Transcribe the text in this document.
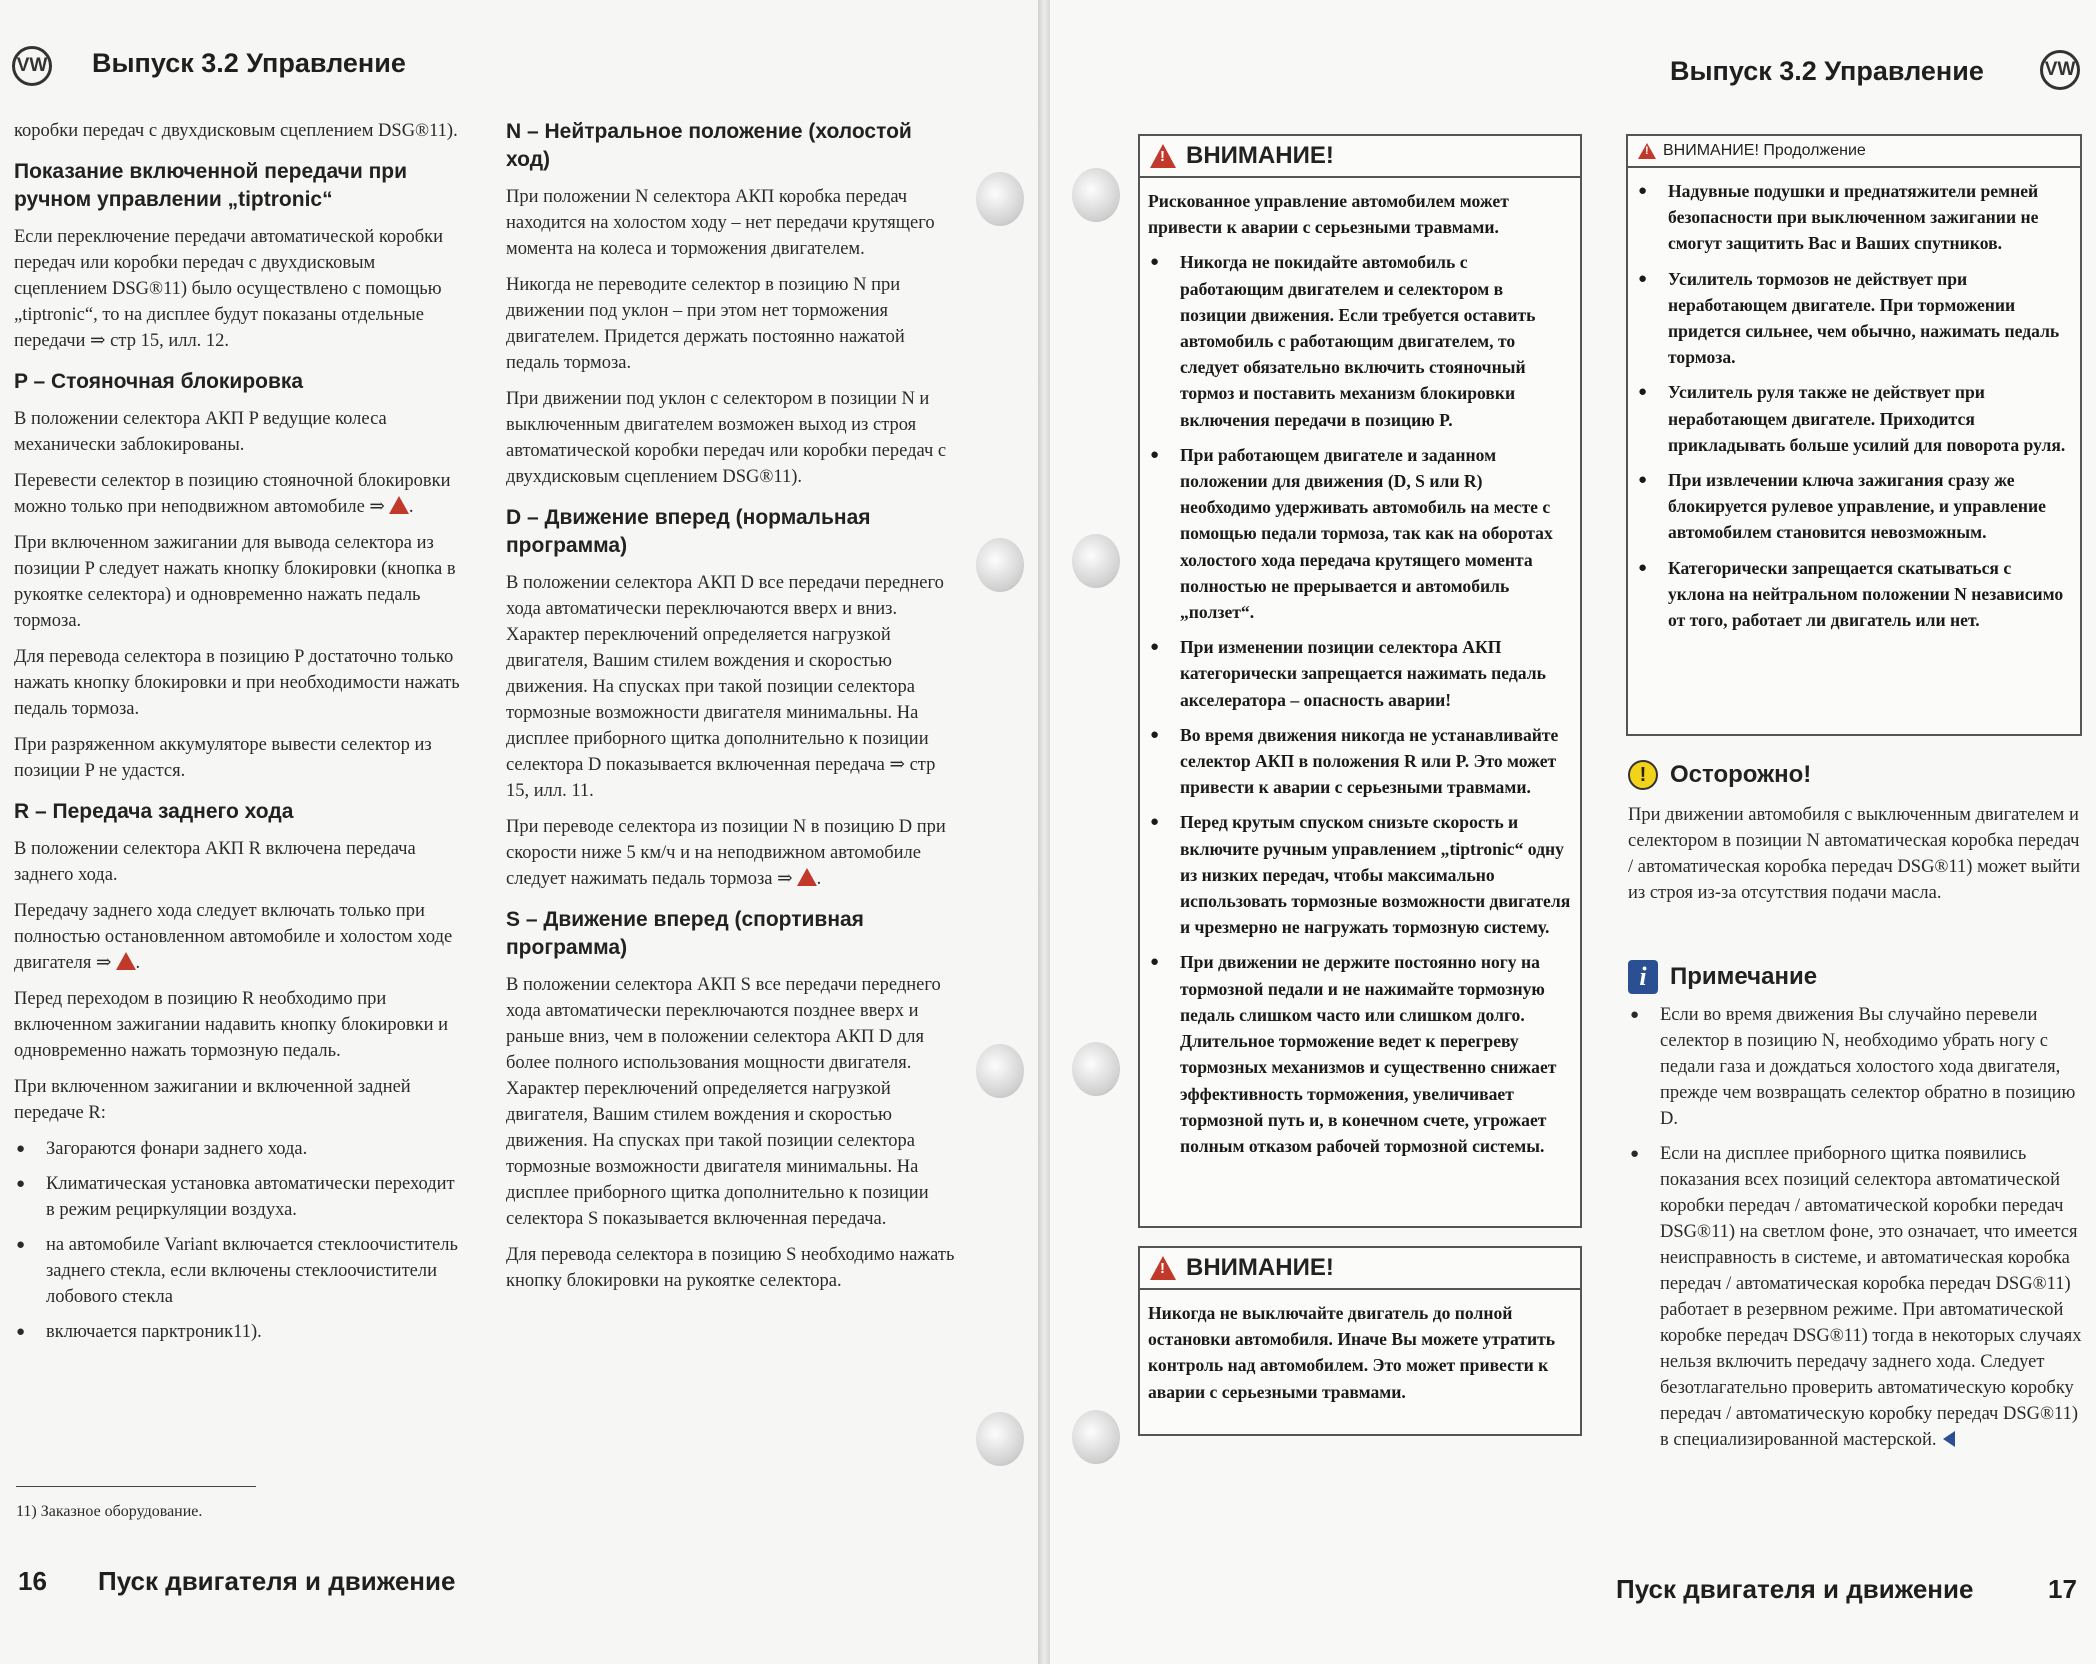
VW Выпуск 3.2 Управление

коробки передач с двухдисковым сцеплением DSG®11).

Показание включенной передачи при ручном управлении „tiptronic“

Если переключение передачи автоматической коробки передач или коробки передач с двухдисковым сцеплением DSG®11) было осуществлено с помощью „tiptronic“, то на дисплее будут показаны отдельные передачи ⇒ стр 15, илл. 12.

P – Стояночная блокировка

В положении селектора АКП P ведущие колеса механически заблокированы.

Перевести селектор в позицию стояночной блокировки можно только при неподвижном автомобиле ⇒ .

При включенном зажигании для вывода селектора из позиции P следует нажать кнопку блокировки (кнопка в рукояткe селектора) и одновременно нажать педаль тормоза.

Для перевода селектора в позицию P достаточно только нажать кнопку блокировки и при необходимости нажать педаль тормоза.

При разряженном аккумуляторе вывести селектор из позиции P не удастся.

R – Передача заднего хода

В положении селектора АКП R включена передача заднего хода.

Передачу заднего хода следует включать только при полностью остановленном автомобиле и холостом ходе двигателя ⇒ .

Перед переходом в позицию R необходимо при включенном зажигании надавить кнопку блокировки и одновременно нажать тормозную педаль.

При включенном зажигании и включенной задней передаче R:

● Загораются фонари заднего хода.
● Климатическая установка автоматически переходит в режим рециркуляции воздуха.
● на автомобиле Variant включается стеклоочиститель заднего стекла, если включены стеклоочистители лобового стекла
● включается парктроник11).
N – Нейтральное положение (холостой ход)

При положении N селектора АКП коробка передач находится на холостом ходу – нет передачи крутящего момента на колеса и торможения двигателем.

Никогда не переводите селектор в позицию N при движении под уклон – при этом нет торможения двигателем. Придется держать постоянно нажатой педаль тормоза.

При движении под уклон с селектором в позиции N и выключенным двигателем возможен выход из строя автоматической коробки передач или коробки передач с двухдисковым сцеплением DSG®11).

D – Движение вперед (нормальная программа)

В положении селектора АКП D все передачи переднего хода автоматически переключаются вверх и вниз. Характер переключений определяется нагрузкой двигателя, Вашим стилем вождения и скоростью движения. На спусках при такой позиции селектора тормозные возможности двигателя минимальны. На дисплее приборного щитка дополнительно к позиции селектора D показывается включенная передача ⇒ стр 15, илл. 11.

При переводе селектора из позиции N в позицию D при скорости ниже 5 км/ч и на неподвижном автомобиле следует нажимать педаль тормоза ⇒ .

S – Движение вперед (спортивная программа)

В положении селектора АКП S все передачи переднего хода автоматически переключаются позднее вверх и раньше вниз, чем в положении селектора АКП D для более полного использования мощности двигателя. Характер переключений определяется нагрузкой двигателя, Вашим стилем вождения и скоростью движения. На спусках при такой позиции селектора тормозные возможности двигателя минимальны. На дисплее приборного щитка дополнительно к позиции селектора S показывается включенная передача.

Для перевода селектора в позицию S необходимо нажать кнопку блокировки на рукоятке селектора.

11) Заказное оборудование.
16 Пуск двигателя и движение
Выпуск 3.2 Управление	VW
!
ВНИМАНИЕ!

Рискованное управление автомобилем может привести к аварии с серьезными травмами.

● Никогда не покидайте автомобиль с работающим двигателем и селектором в позиции движения. Если требуется оставить автомобиль с работающим двигателем, то следует обязательно включить стояночный тормоз и поставить механизм блокировки включения передачи в позицию P.
● При работающем двигателе и заданном положении для движения (D, S или R) необходимо удерживать автомобиль на месте с помощью педали тормоза, так как на оборотах холостого хода передача крутящего момента полностью не прерывается и автомобиль „ползет“.
● При изменении позиции селектора АКП категорически запрещается нажимать педаль акселератора – опасность аварии!
● Во время движения никогда не устанавливайте селектор АКП в положения R или P. Это может привести к аварии с серьезными травмами.
● Перед крутым спуском снизьте скорость и включите ручным управлением „tiptronic“ одну из низких передач, чтобы максимально использовать тормозные возможности двигателя и чрезмерно не нагружать тормозную систему.
● При движении не держите постоянно ногу на тормозной педали и не нажимайте тормозную педаль слишком часто или слишком долго. Длительное торможение ведет к перегреву тормозных механизмов и существенно снижает эффективность торможения, увеличивает тормозной путь и, в конечном счете, угрожает полным отказом рабочей тормозной системы.
!
ВНИМАНИЕ!
Никогда не выключайте двигатель до полной остановки автомобиля. Иначе Вы можете утратить контроль над автомобилем. Это может привести к аварии с серьезными травмами.
!
ВНИМАНИЕ! Продолжение
● Надувные подушки и преднатяжители ремней безопасности при выключенном зажигании не смогут защитить Вас и Ваших спутников.
● Усилитель тормозов не действует при неработающем двигателе. При торможении придется сильнее, чем обычно, нажимать педаль тормоза.
● Усилитель руля также не действует при неработающем двигателе. Приходится прикладывать больше усилий для поворота руля.
● При извлечении ключа зажигания сразу же блокируется рулевое управление, и управление автомобилем становится невозможным.
● Категорически запрещается скатываться с уклона на нейтральном положении N независимо от того, работает ли двигатель или нет.
! Осторожно!

При движении автомобиля с выключенным двигателем и селектором в позиции N автоматическая коробка передач / автоматическая коробка передач DSG®11) может выйти из строя из-за отсутствия подачи масла.

i Примечание
● Если во время движения Вы случайно перевели селектор в позицию N, необходимо убрать ногу с педали газа и дождаться холостого хода двигателя, прежде чем возвращать селектор обратно в позицию D.
● Если на дисплее приборного щитка появились показания всех позиций селектора автоматической коробки передач / автоматической коробки передач DSG®11) на светлом фоне, это означает, что имеется неисправность в системе, и автоматическая коробка передач / автоматическая коробка передач DSG®11) работает в резервном режиме. При автоматической коробке передач DSG®11) тогда в некоторых случаях нельзя включить передачу заднего хода. Следует безотлагательно проверить автоматическую коробку передач / автоматическую коробку передач DSG®11) в специализированной мастерской.
Пуск двигателя и движение	17
